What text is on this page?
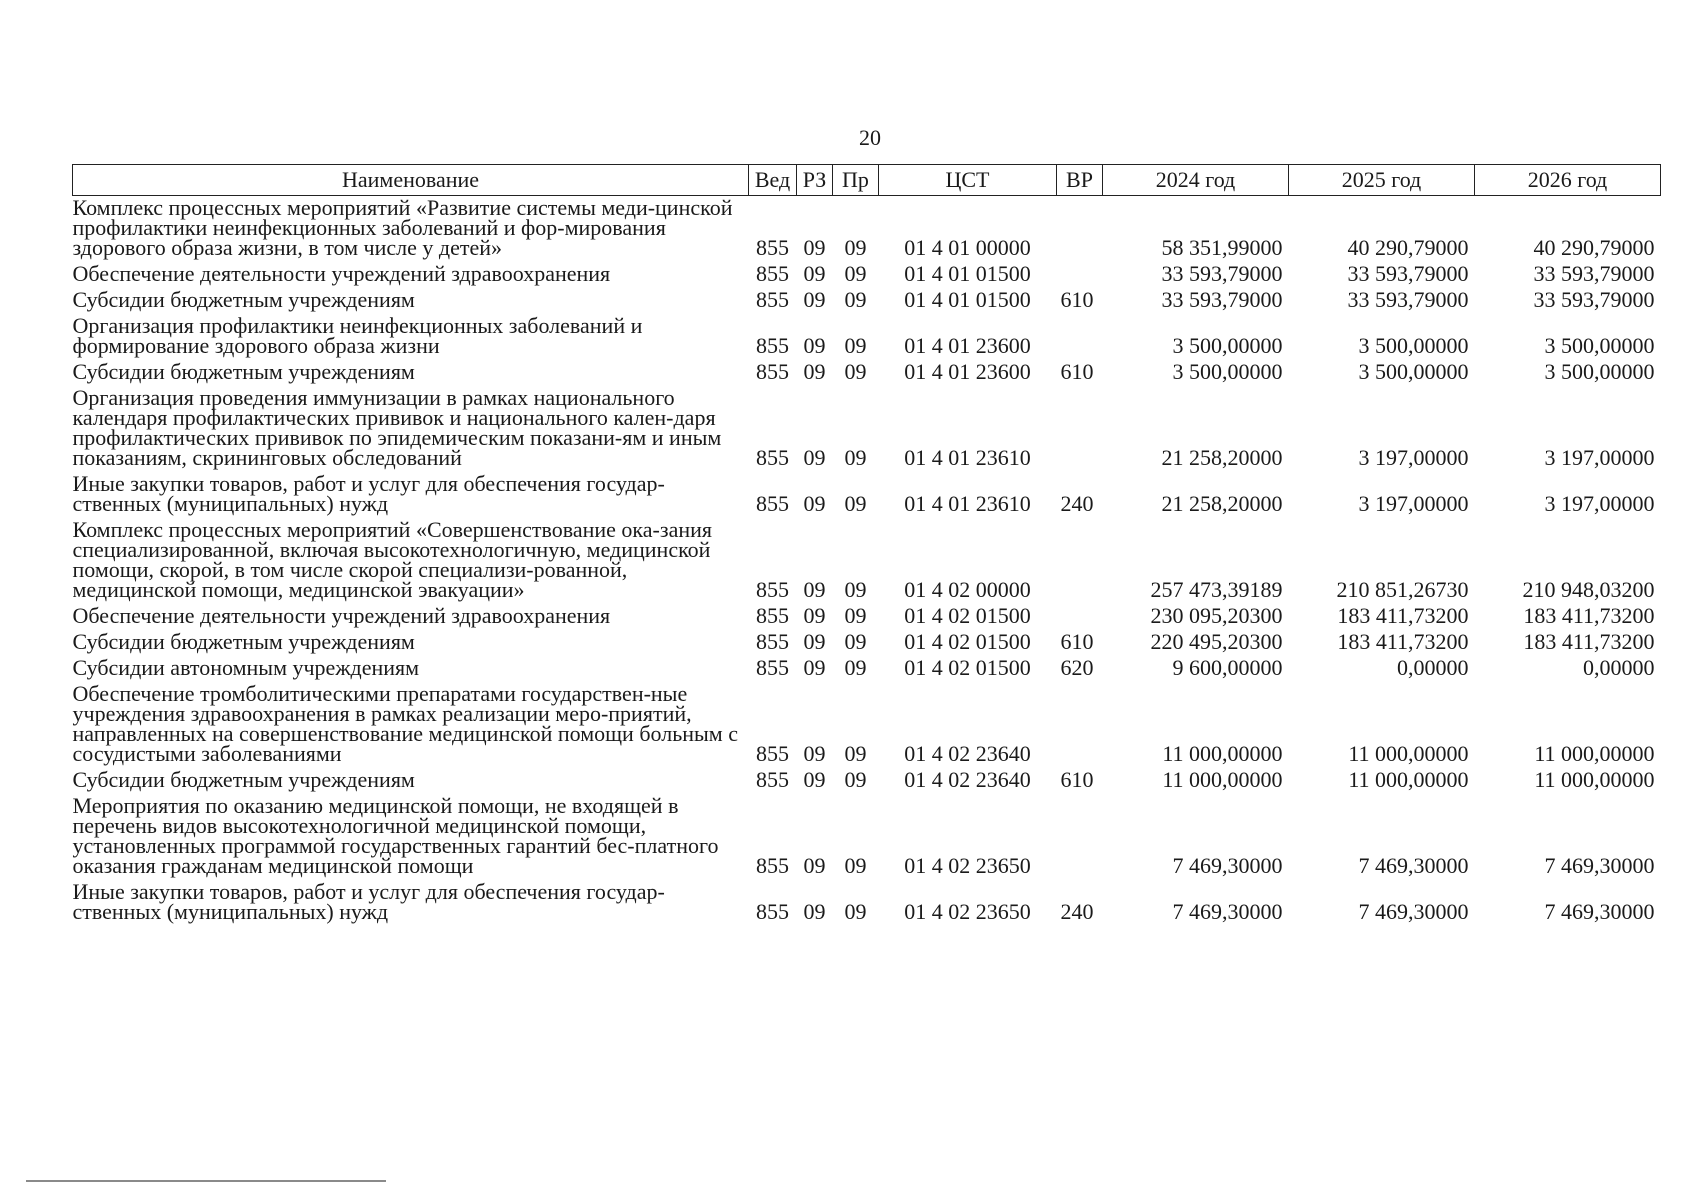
20
Наименование	Вед	РЗ	Пр	ЦСТ	ВР	2024 год	2025 год	2026 год
Комплекс процессных мероприятий «Развитие системы меди-цинской профилактики неинфекционных заболеваний и фор-мирования здорового образа жизни, в том числе у детей»	855	09	09	01 4 01 00000		58 351,99000	40 290,79000	40 290,79000
Обеспечение деятельности учреждений здравоохранения	855	09	09	01 4 01 01500		33 593,79000	33 593,79000	33 593,79000
Субсидии бюджетным учреждениям	855	09	09	01 4 01 01500	610	33 593,79000	33 593,79000	33 593,79000
Организация профилактики неинфекционных заболеваний и формирование здорового образа жизни	855	09	09	01 4 01 23600		3 500,00000	3 500,00000	3 500,00000
Субсидии бюджетным учреждениям	855	09	09	01 4 01 23600	610	3 500,00000	3 500,00000	3 500,00000
Организация проведения иммунизации в рамках национального календаря профилактических прививок и национального кален-даря профилактических прививок по эпидемическим показани-ям и иным показаниям, скрининговых обследований	855	09	09	01 4 01 23610		21 258,20000	3 197,00000	3 197,00000
Иные закупки товаров, работ и услуг для обеспечения государ-ственных (муниципальных) нужд	855	09	09	01 4 01 23610	240	21 258,20000	3 197,00000	3 197,00000
Комплекс процессных мероприятий «Совершенствование ока-зания специализированной, включая высокотехнологичную, медицинской помощи, скорой, в том числе скорой специализи-рованной, медицинской помощи, медицинской эвакуации»	855	09	09	01 4 02 00000		257 473,39189	210 851,26730	210 948,03200
Обеспечение деятельности учреждений здравоохранения	855	09	09	01 4 02 01500		230 095,20300	183 411,73200	183 411,73200
Субсидии бюджетным учреждениям	855	09	09	01 4 02 01500	610	220 495,20300	183 411,73200	183 411,73200
Субсидии автономным учреждениям	855	09	09	01 4 02 01500	620	9 600,00000	0,00000	0,00000
Обеспечение тромболитическими препаратами государствен-ные учреждения здравоохранения в рамках реализации меро-приятий, направленных на совершенствование медицинской помощи больным с сосудистыми заболеваниями	855	09	09	01 4 02 23640		11 000,00000	11 000,00000	11 000,00000
Субсидии бюджетным учреждениям	855	09	09	01 4 02 23640	610	11 000,00000	11 000,00000	11 000,00000
Мероприятия по оказанию медицинской помощи, не входящей в перечень видов высокотехнологичной медицинской помощи, установленных программой государственных гарантий бес-платного оказания гражданам медицинской помощи	855	09	09	01 4 02 23650		7 469,30000	7 469,30000	7 469,30000
Иные закупки товаров, работ и услуг для обеспечения государ-ственных (муниципальных) нужд	855	09	09	01 4 02 23650	240	7 469,30000	7 469,30000	7 469,30000
